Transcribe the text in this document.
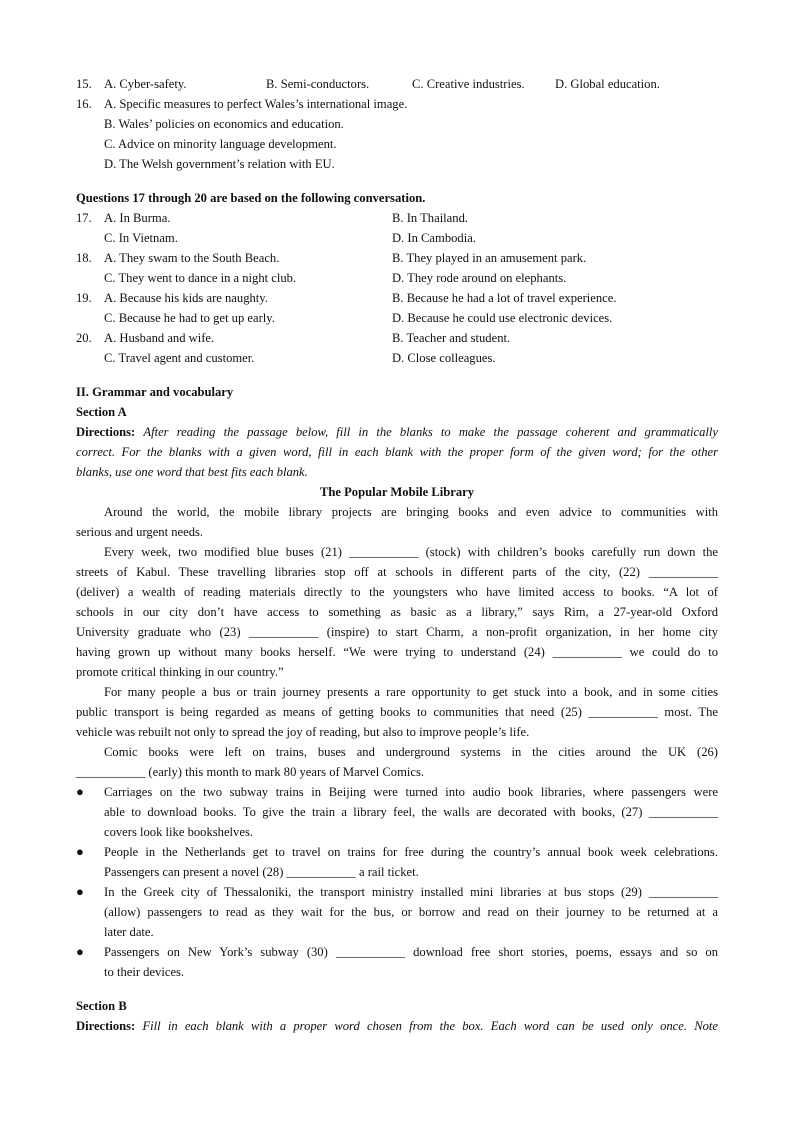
15. A. Cyber-safety.	B. Semi-conductors.	C. Creative industries. D. Global education.
16. A. Specific measures to perfect Wales’s international image.
B. Wales’ policies on economics and education.
C. Advice on minority language development.
D. The Welsh government’s relation with EU.
Questions 17 through 20 are based on the following conversation.
17. A. In Burma.	B. In Thailand.
C. In Vietnam.	D. In Cambodia.
18. A. They swam to the South Beach.	B. They played in an amusement park.
C. They went to dance in a night club.	D. They rode around on elephants.
19. A. Because his kids are naughty.	B. Because he had a lot of travel experience.
C. Because he had to get up early.	D. Because he could use electronic devices.
20. A. Husband and wife.	B. Teacher and student.
C. Travel agent and customer.	D. Close colleagues.
II. Grammar and vocabulary
Section A
Directions: After reading the passage below, fill in the blanks to make the passage coherent and grammatically
correct. For the blanks with a given word, fill in each blank with the proper form of the given word; for the other
blanks, use one word that best fits each blank.
The Popular Mobile Library
Around the world, the mobile library projects are bringing books and even advice to communities with
serious and urgent needs.
Every week, two modified blue buses (21) ___________ (stock) with children’s books carefully run down the
streets of Kabul. These travelling libraries stop off at schools in different parts of the city, (22) ___________
(deliver) a wealth of reading materials directly to the youngsters who have limited access to books. “A lot of
schools in our city don’t have access to something as basic as a library,” says Rim, a 27-year-old Oxford
University graduate who (23) ___________ (inspire) to start Charm, a non-profit organization, in her home city
having grown up without many books herself. “We were trying to understand (24) ___________ we could do to
promote critical thinking in our country.”
For many people a bus or train journey presents a rare opportunity to get stuck into a book, and in some cities
public transport is being regarded as means of getting books to communities that need (25) ___________ most. The
vehicle was rebuilt not only to spread the joy of reading, but also to improve people’s life.
Comic books were left on trains, buses and underground systems in the cities around the UK (26)
___________ (early) this month to mark 80 years of Marvel Comics.
● Carriages on the two subway trains in Beijing were turned into audio book libraries, where passengers were
able to download books. To give the train a library feel, the walls are decorated with books, (27) ___________
covers look like bookshelves.
● People in the Netherlands get to travel on trains for free during the country’s annual book week celebrations.
Passengers can present a novel (28) ___________ a rail ticket.
● In the Greek city of Thessaloniki, the transport ministry installed mini libraries at bus stops (29) ___________
(allow) passengers to read as they wait for the bus, or borrow and read on their journey to be returned at a
later date.
● Passengers on New York’s subway (30) ___________ download free short stories, poems, essays and so on
to their devices.
Section B
Directions: Fill in each blank with a proper word chosen from the box. Each word can be used only once. Note
